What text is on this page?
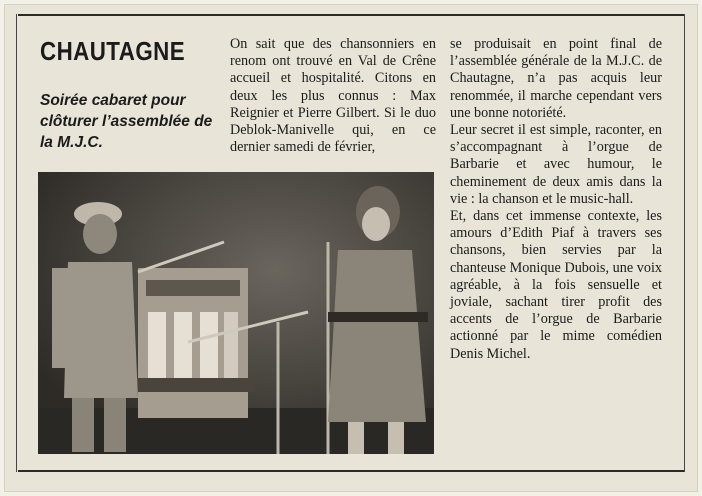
CHAUTAGNE
Soirée cabaret pour clôturer l’assemblée de la M.J.C.

On sait que des chansonniers en renom ont trouvé en Val de Crêne accueil et hospitalité. Citons en deux les plus connus : Max Reignier et Pierre Gilbert. Si le duo Deblok-Manivelle qui, en ce dernier samedi de février,

se produisait en point final de l’assemblée générale de la M.J.C. de Chautagne, n’a pas acquis leur renommée, il marche cependant vers une bonne notoriété.

Leur secret il est simple, raconter, en s’accompagnant à l’orgue de Barbarie et avec humour, le cheminement de deux amis dans la vie : la chanson et le music-hall.

Et, dans cet immense contexte, les amours d’Edith Piaf à travers ses chansons, bien servies par la chanteuse Monique Dubois, une voix agréable, à la fois sensuelle et joviale, sachant tirer profit des accents de l’orgue de Barbarie actionné par le mime comédien Denis Michel.
